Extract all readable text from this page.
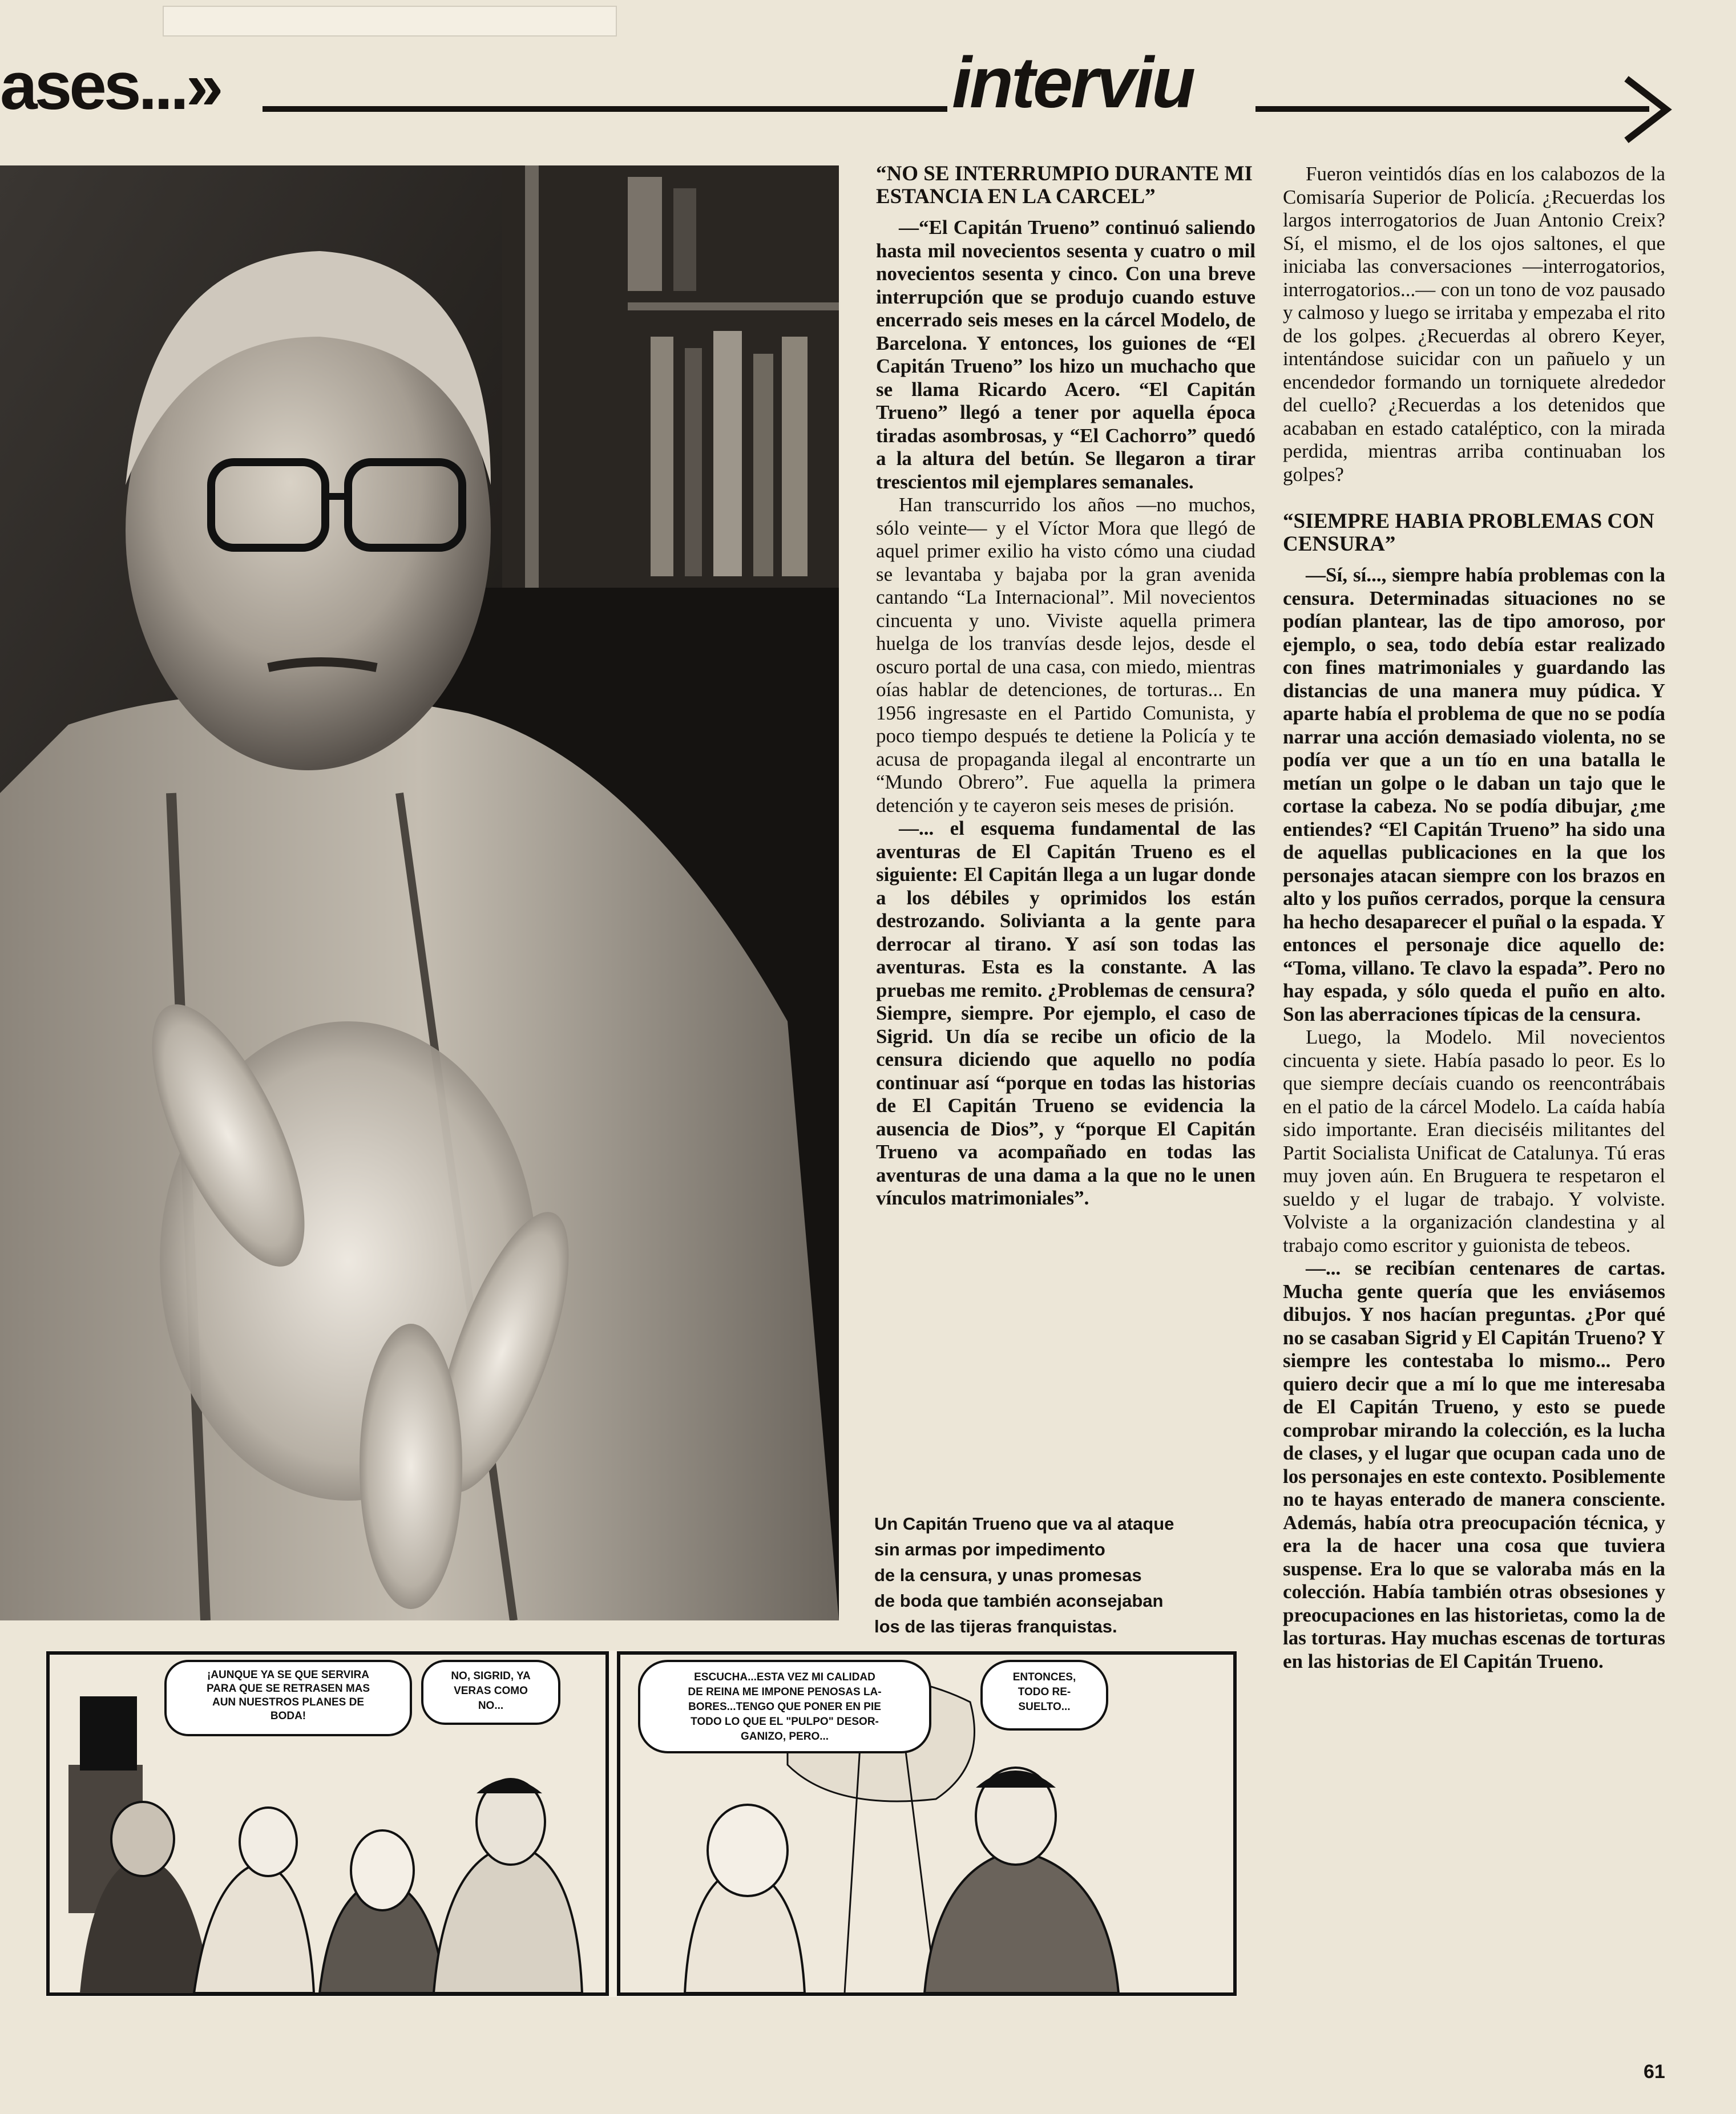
ases...»	interviu
“NO SE INTERRUMPIO DURANTE MI ESTANCIA EN LA CARCEL”

—“El Capitán Trueno” continuó saliendo hasta mil novecientos sesenta y cuatro o mil novecientos sesenta y cinco. Con una breve interrupción que se produjo cuando estuve encerrado seis meses en la cárcel Modelo, de Barcelona. Y entonces, los guiones de “El Capitán Trueno” los hizo un muchacho que se llama Ricardo Acero. “El Capitán Trueno” llegó a tener por aquella época tiradas asombrosas, y “El Cachorro” quedó a la altura del betún. Se llegaron a tirar trescientos mil ejemplares semanales.

Han transcurrido los años —no muchos, sólo veinte— y el Víctor Mora que llegó de aquel primer exilio ha visto cómo una ciudad se levantaba y bajaba por la gran avenida cantando “La Internacional”. Mil novecientos cincuenta y uno. Viviste aquella primera huelga de los tranvías desde lejos, desde el oscuro portal de una casa, con miedo, mientras oías hablar de detenciones, de torturas... En 1956 ingresaste en el Partido Comunista, y poco tiempo después te detiene la Policía y te acusa de propaganda ilegal al encontrarte un “Mundo Obrero”. Fue aquella la primera detención y te cayeron seis meses de prisión.

—... el esquema fundamental de las aventuras de El Capitán Trueno es el siguiente: El Capitán llega a un lugar donde a los débiles y oprimidos los están destrozando. Solivianta a la gente para derrocar al tirano. Y así son todas las aventuras. Esta es la constante. A las pruebas me remito. ¿Problemas de censura? Siempre, siempre. Por ejemplo, el caso de Sigrid. Un día se recibe un oficio de la censura diciendo que aquello no podía continuar así “porque en todas las historias de El Capitán Trueno se evidencia la ausencia de Dios”, y “porque El Capitán Trueno va acompañado en todas las aventuras de una dama a la que no le unen vínculos matrimoniales”.

Un Capitán Trueno que va al ataque
sin armas por impedimento
de la censura, y unas promesas
de boda que también aconsejaban
los de las tijeras franquistas.

Fueron veintidós días en los calabozos de la Comisaría Superior de Policía. ¿Recuerdas los largos interrogatorios de Juan Antonio Creix? Sí, el mismo, el de los ojos saltones, el que iniciaba las conversaciones —interrogatorios, interrogatorios...— con un tono de voz pausado y calmoso y luego se irritaba y empezaba el rito de los golpes. ¿Recuerdas al obrero Keyer, intentándose suicidar con un pañuelo y un encendedor formando un torniquete alrededor del cuello? ¿Recuerdas a los detenidos que acababan en estado cataléptico, con la mirada perdida, mientras arriba continuaban los golpes?

“SIEMPRE HABIA PROBLEMAS CON CENSURA”

—Sí, sí..., siempre había problemas con la censura. Determinadas situaciones no se podían plantear, las de tipo amoroso, por ejemplo, o sea, todo debía estar realizado con fines matrimoniales y guardando las distancias de una manera muy púdica. Y aparte había el problema de que no se podía narrar una acción demasiado violenta, no se podía ver que a un tío en una batalla le metían un golpe o le daban un tajo que le cortase la cabeza. No se podía dibujar, ¿me entiendes? “El Capitán Trueno” ha sido una de aquellas publicaciones en la que los personajes atacan siempre con los brazos en alto y los puños cerrados, porque la censura ha hecho desaparecer el puñal o la espada. Y entonces el personaje dice aquello de: “Toma, villano. Te clavo la espada”. Pero no hay espada, y sólo queda el puño en alto. Son las aberraciones típicas de la censura.

Luego, la Modelo. Mil novecientos cincuenta y siete. Había pasado lo peor. Es lo que siempre decíais cuando os reencontrábais en el patio de la cárcel Modelo. La caída había sido importante. Eran dieciséis militantes del Partit Socialista Unificat de Catalunya. Tú eras muy joven aún. En Bruguera te respetaron el sueldo y el lugar de trabajo. Y volviste. Volviste a la organización clandestina y al trabajo como escritor y guionista de tebeos.

—... se recibían centenares de cartas. Mucha gente quería que les enviásemos dibujos. Y nos hacían preguntas. ¿Por qué no se casaban Sigrid y El Capitán Trueno? Y siempre les contestaba lo mismo... Pero quiero decir que a mí lo que me interesaba de El Capitán Trueno, y esto se puede comprobar mirando la colección, es la lucha de clases, y el lugar que ocupan cada uno de los personajes en este contexto. Posiblemente no te hayas enterado de manera consciente. Además, había otra preocupación técnica, y era la de hacer una cosa que tuviera suspense. Era lo que se valoraba más en la colección. Había también otras obsesiones y preocupaciones en las historietas, como la de las torturas. Hay muchas escenas de torturas en las historias de El Capitán Trueno.

¡AUNQUE YA SE QUE SERVIRA
PARA QUE SE RETRASEN MAS
AUN NUESTROS PLANES DE
BODA!
NO, SIGRID, YA
VERAS COMO
NO...
ESCUCHA...ESTA VEZ MI CALIDAD
DE REINA ME IMPONE PENOSAS LA-
BORES...TENGO QUE PONER EN PIE
TODO LO QUE EL "PULPO" DESOR-
GANIZO, PERO...
ENTONCES,
TODO RE-
SUELTO...
61
